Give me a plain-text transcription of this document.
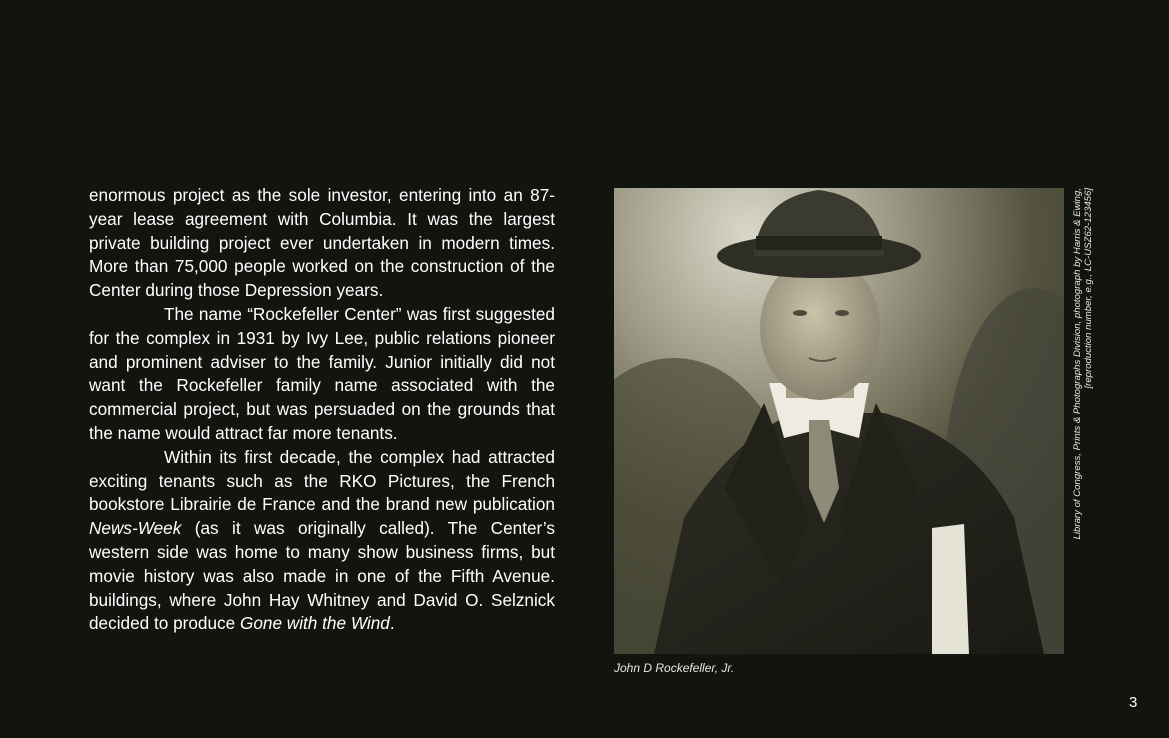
enormous project as the sole investor, entering into an 87-year lease agreement with Columbia. It was the largest private building project ever undertaken in modern times. More than 75,000 people worked on the construction of the Center during those Depression years.

The name “Rockefeller Center” was first suggested for the complex in 1931 by Ivy Lee, public relations pioneer and prominent adviser to the family. Junior initially did not want the Rockefeller family name associated with the commercial project, but was persuaded on the grounds that the name would attract far more tenants.

Within its first decade, the complex had attracted exciting tenants such as the RKO Pictures, the French bookstore Librairie de France and the brand new publication News-Week (as it was originally called). The Center’s western side was home to many show business firms, but movie history was also made in one of the Fifth Avenue. buildings, where John Hay Whitney and David O. Selznick decided to produce Gone with the Wind.

John D Rockefeller, Jr.
Library of Congress, Prints & Photographs Division, photograph by Harris & Ewing, [reproduction number, e.g., LC-USZ62-123456]
3
